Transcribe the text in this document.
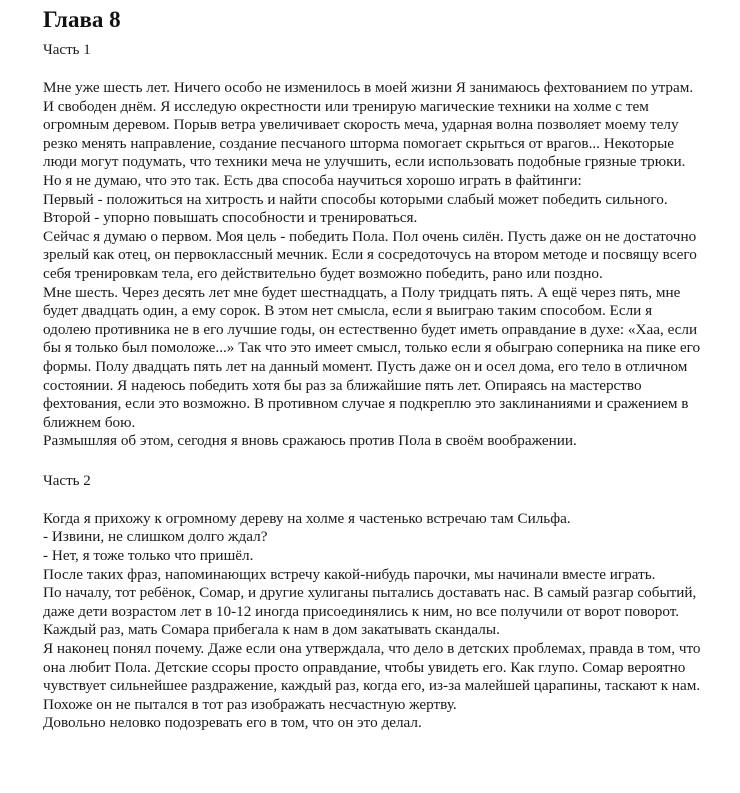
Глава 8

Часть 1

Мне уже шесть лет. Ничего особо не изменилось в моей жизни Я занимаюсь фехтованием по утрам. И свободен днём. Я исследую окрестности или тренирую магические техники на холме с тем огромным деревом. Порыв ветра увеличивает скорость меча, ударная волна позволяет моему телу резко менять направление, создание песчаного шторма помогает скрыться от врагов... Некоторые люди могут подумать, что техники меча не улучшить, если использовать подобные грязные трюки. Но я не думаю, что это так. Есть два способа научиться хорошо играть в файтинги:

Первый - положиться на хитрость и найти способы которыми слабый может победить сильного.

Второй - упорно повышать способности и тренироваться.

Сейчас я думаю о первом. Моя цель - победить Пола. Пол очень силён. Пусть даже он не достаточно зрелый как отец, он первоклассный мечник. Если я сосредоточусь на втором методе и посвящу всего себя тренировкам тела, его действительно будет возможно победить, рано или поздно.

Мне шесть. Через десять лет мне будет шестнадцать, а Полу тридцать пять. А ещё через пять, мне будет двадцать один, а ему сорок. В этом нет смысла, если я выиграю таким способом. Если я одолею противника не в его лучшие годы, он естественно будет иметь оправдание в духе: «Хаа, если бы я только был помоложе...» Так что это имеет смысл, только если я обыграю соперника на пике его формы. Полу двадцать пять лет на данный момент. Пусть даже он и осел дома, его тело в отличном состоянии. Я надеюсь победить хотя бы раз за ближайшие пять лет. Опираясь на мастерство фехтования, если это возможно. В противном случае я подкреплю это заклинаниями и сражением в ближнем бою.

Размышляя об этом, сегодня я вновь сражаюсь против Пола в своём воображении.

Часть 2

Когда я прихожу к огромному дереву на холме я частенько встречаю там Сильфа.

- Извини, не слишком долго ждал?

- Нет, я тоже только что пришёл.

После таких фраз, напоминающих встречу какой-нибудь парочки, мы начинали вместе играть.

По началу, тот ребёнок, Сомар, и другие хулиганы пытались доставать нас. В самый разгар событий, даже дети возрастом лет в 10-12 иногда присоединялись к ним, но все получили от ворот поворот. Каждый раз, мать Сомара прибегала к нам в дом закатывать скандалы.

Я наконец понял почему. Даже если она утверждала, что дело в детских проблемах, правда в том, что она любит Пола. Детские ссоры просто оправдание, чтобы увидеть его. Как глупо. Сомар вероятно чувствует сильнейшее раздражение, каждый раз, когда его, из-за малейшей царапины, таскают к нам. Похоже он не пытался в тот раз изображать несчастную жертву.

Довольно неловко подозревать его в том, что он это делал.
